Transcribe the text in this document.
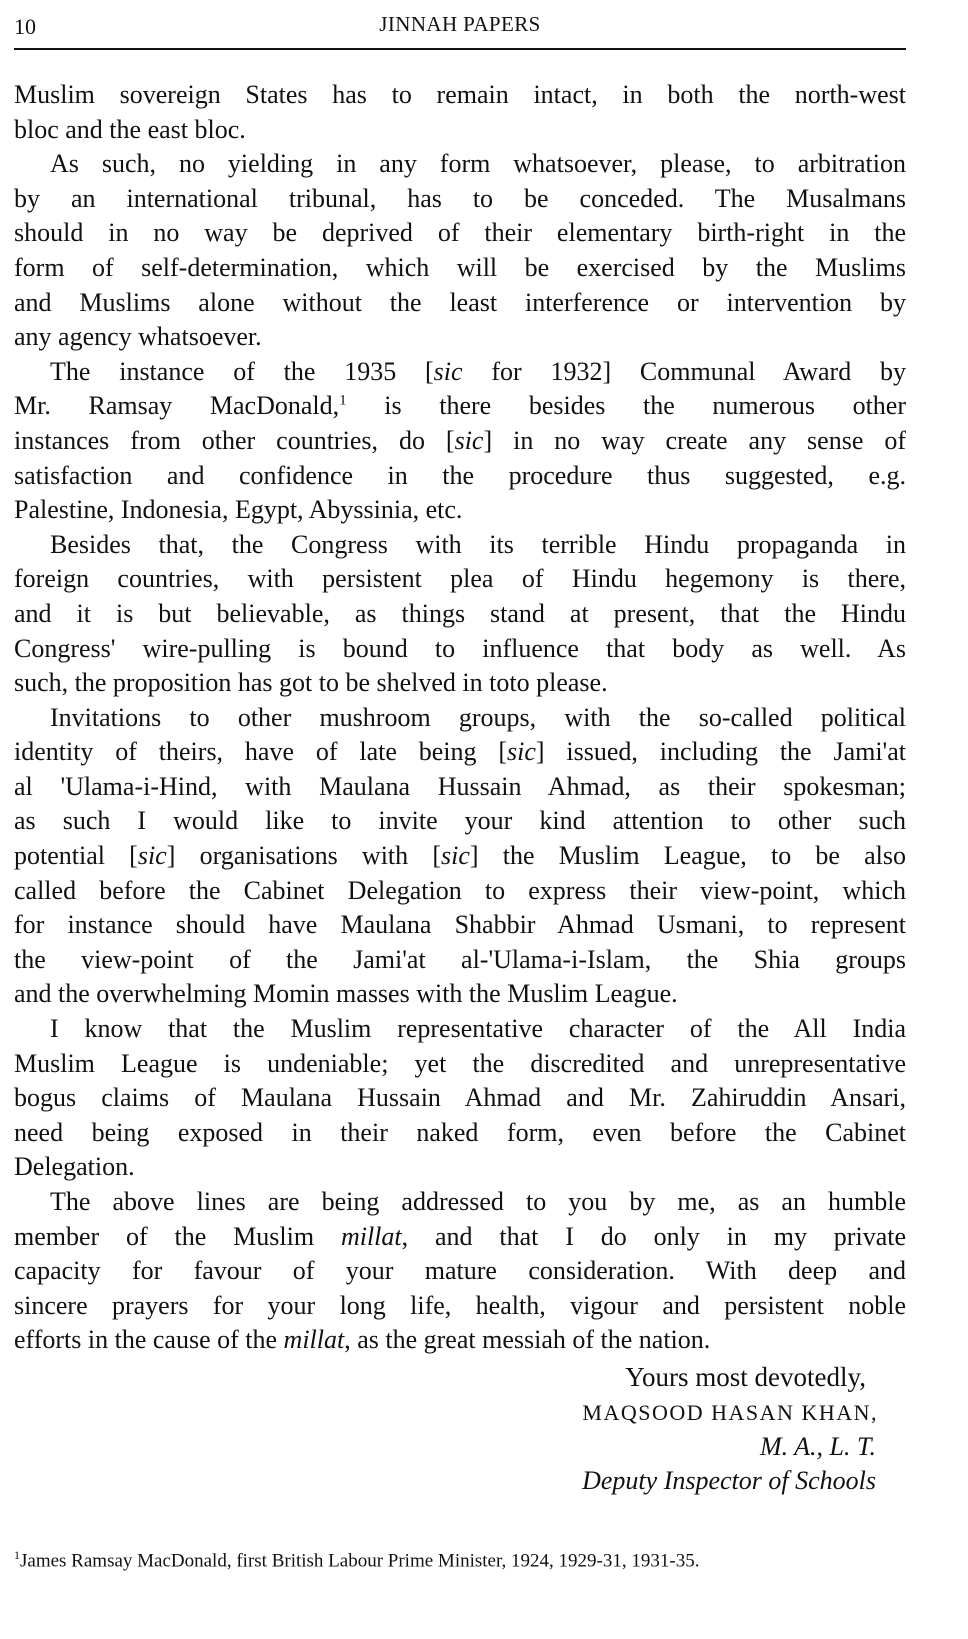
10	JINNAH PAPERS
Muslim sovereign States has to remain intact, in both the north-west
bloc and the east bloc.
As such, no yielding in any form whatsoever, please, to arbitration
by an international tribunal, has to be conceded. The Musalmans
should in no way be deprived of their elementary birth-right in the
form of self-determination, which will be exercised by the Muslims
and Muslims alone without the least interference or intervention by
any agency whatsoever.
The instance of the 1935 [sic for 1932] Communal Award by
Mr. Ramsay MacDonald,$^1$ is there besides the numerous other
instances from other countries, do [sic] in no way create any sense of
satisfaction and confidence in the procedure thus suggested, e.g.
Palestine, Indonesia, Egypt, Abyssinia, etc.
Besides that, the Congress with its terrible Hindu propaganda in
foreign countries, with persistent plea of Hindu hegemony is there,
and it is but believable, as things stand at present, that the Hindu
Congress' wire-pulling is bound to influence that body as well. As
such, the proposition has got to be shelved in toto please.
Invitations to other mushroom groups, with the so-called political
identity of theirs, have of late being [sic] issued, including the Jami'at
al 'Ulama-i-Hind, with Maulana Hussain Ahmad, as their spokesman;
as such I would like to invite your kind attention to other such
potential [sic] organisations with [sic] the Muslim League, to be also
called before the Cabinet Delegation to express their view-point, which
for instance should have Maulana Shabbir Ahmad Usmani, to represent
the view-point of the Jami'at al-'Ulama-i-Islam, the Shia groups
and the overwhelming Momin masses with the Muslim League.
I know that the Muslim representative character of the All India
Muslim League is undeniable; yet the discredited and unrepresentative
bogus claims of Maulana Hussain Ahmad and Mr. Zahiruddin Ansari,
need being exposed in their naked form, even before the Cabinet
Delegation.
The above lines are being addressed to you by me, as an humble
member of the Muslim millat, and that I do only in my private
capacity for favour of your mature consideration. With deep and
sincere prayers for your long life, health, vigour and persistent noble
efforts in the cause of the millat, as the great messiah of the nation.
Yours most devotedly,
MAQSOOD HASAN KHAN,
M. A., L. T.
Deputy Inspector of Schools
$^1$James Ramsay MacDonald, first British Labour Prime Minister, 1924, 1929-31, 1931-35.
